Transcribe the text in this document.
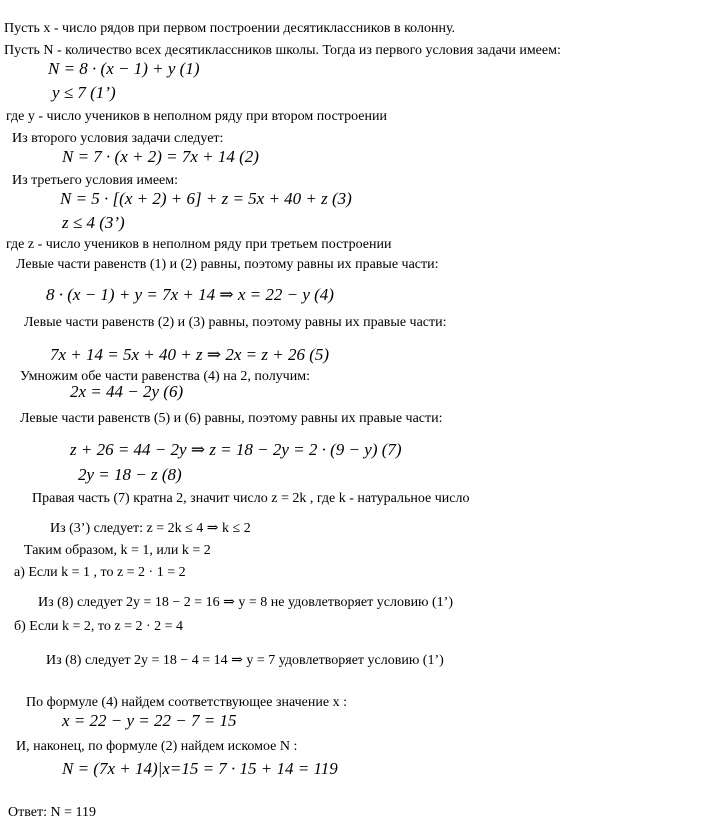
Пусть x - число рядов при первом построении десятиклассников в колонну.
Пусть N - количество всех десятиклассников школы. Тогда из первого условия задачи имеем:
N = 8 · (x − 1) + y (1)
y ≤ 7 (1’)
где y - число учеников в неполном ряду при втором построении
Из второго условия задачи следует:
N = 7 · (x + 2) = 7x + 14 (2)
Из третьего условия имеем:
N = 5 · [(x + 2) + 6] + z = 5x + 40 + z (3)
z ≤ 4 (3’)
где z - число учеников в неполном ряду при третьем построении
Левые части равенств (1) и (2) равны, поэтому равны их правые части:
8 · (x − 1) + y = 7x + 14 ⇒ x = 22 − y (4)
Левые части равенств (2) и (3) равны, поэтому равны их правые части:
7x + 14 = 5x + 40 + z ⇒ 2x = z + 26 (5)
Умножим обе части равенства (4) на 2, получим:
2x = 44 − 2y (6)
Левые части равенств (5) и (6) равны, поэтому равны их правые части:
z + 26 = 44 − 2y ⇒ z = 18 − 2y = 2 · (9 − y) (7)
2y = 18 − z (8)
Правая часть (7) кратна 2, значит число z = 2k , где k - натуральное число
Из (3’) следует: z = 2k ≤ 4 ⇒ k ≤ 2
Таким образом, k = 1, или k = 2
а) Если k = 1 , то z = 2 · 1 = 2
Из (8) следует 2y = 18 − 2 = 16 ⇒ y = 8 не удовлетворяет условию (1’)
б) Если k = 2, то z = 2 · 2 = 4
Из (8) следует 2y = 18 − 4 = 14 ⇒ y = 7 удовлетворяет условию (1’)
По формуле (4) найдем соответствующее значение x :
x = 22 − y = 22 − 7 = 15
И, наконец, по формуле (2) найдем искомое N :
N = (7x + 14)|x=15 = 7 · 15 + 14 = 119
Ответ: N = 119
